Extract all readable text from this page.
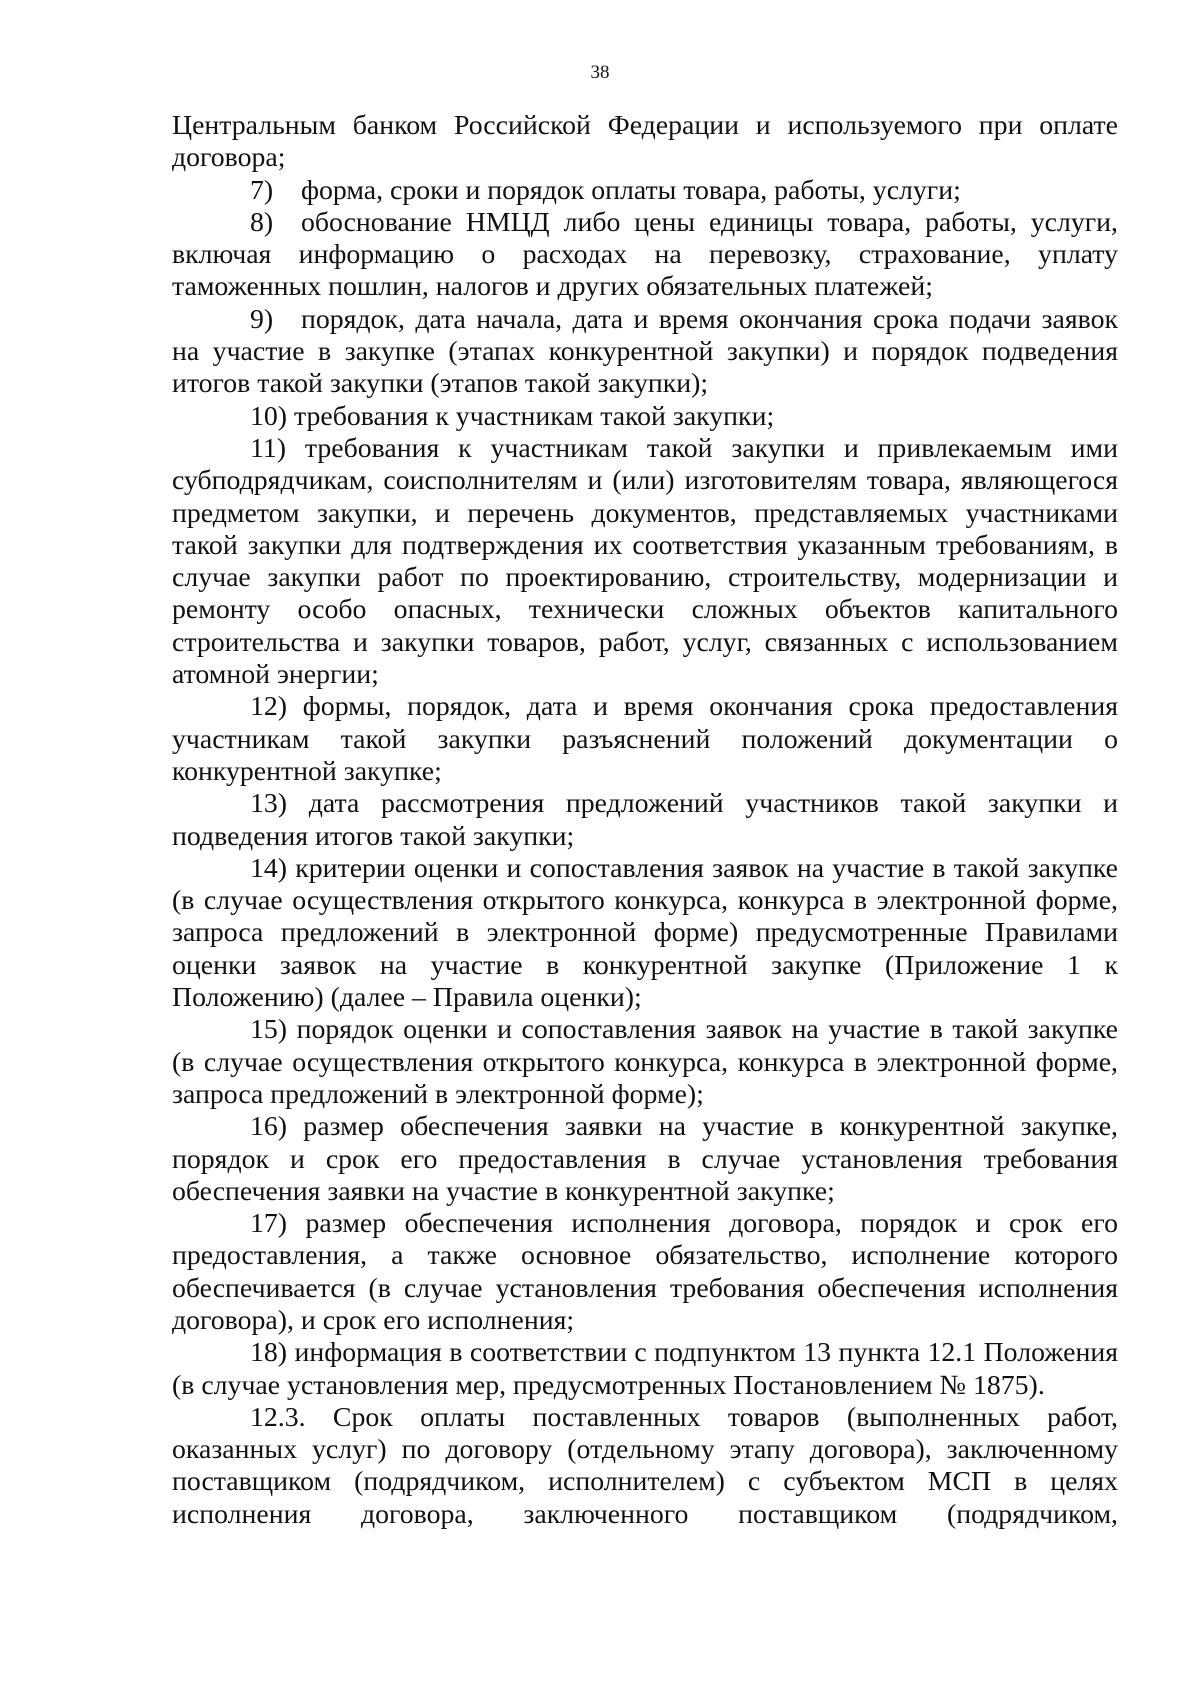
38

Центральным банком Российской Федерации и используемого при оплате договора;

7) форма, сроки и порядок оплаты товара, работы, услуги;

8) обоснование НМЦД либо цены единицы товара, работы, услуги, включая информацию о расходах на перевозку, страхование, уплату таможенных пошлин, налогов и других обязательных платежей;

9) порядок, дата начала, дата и время окончания срока подачи заявок на участие в закупке (этапах конкурентной закупки) и порядок подведения итогов такой закупки (этапов такой закупки);

10) требования к участникам такой закупки;

11) требования к участникам такой закупки и привлекаемым ими субподрядчикам, соисполнителям и (или) изготовителям товара, являющегося предметом закупки, и перечень документов, представляемых участниками такой закупки для подтверждения их соответствия указанным требованиям, в случае закупки работ по проектированию, строительству, модернизации и ремонту особо опасных, технически сложных объектов капитального строительства и закупки товаров, работ, услуг, связанных с использованием атомной энергии;

12) формы, порядок, дата и время окончания срока предоставления участникам такой закупки разъяснений положений документации о конкурентной закупке;

13) дата рассмотрения предложений участников такой закупки и подведения итогов такой закупки;

14) критерии оценки и сопоставления заявок на участие в такой закупке (в случае осуществления открытого конкурса, конкурса в электронной форме, запроса предложений в электронной форме) предусмотренные Правилами оценки заявок на участие в конкурентной закупке (Приложение 1 к Положению) (далее – Правила оценки);

15) порядок оценки и сопоставления заявок на участие в такой закупке (в случае осуществления открытого конкурса, конкурса в электронной форме, запроса предложений в электронной форме);

16) размер обеспечения заявки на участие в конкурентной закупке, порядок и срок его предоставления в случае установления требования обеспечения заявки на участие в конкурентной закупке;

17) размер обеспечения исполнения договора, порядок и срок его предоставления, а также основное обязательство, исполнение которого обеспечивается (в случае установления требования обеспечения исполнения договора), и срок его исполнения;

18) информация в соответствии с подпунктом 13 пункта 12.1 Положения (в случае установления мер, предусмотренных Постановлением № 1875).

12.3. Срок оплаты поставленных товаров (выполненных работ, оказанных услуг) по договору (отдельному этапу договора), заключенному поставщиком (подрядчиком, исполнителем) с субъектом МСП в целях исполнения договора, заключенного поставщиком (подрядчиком,
